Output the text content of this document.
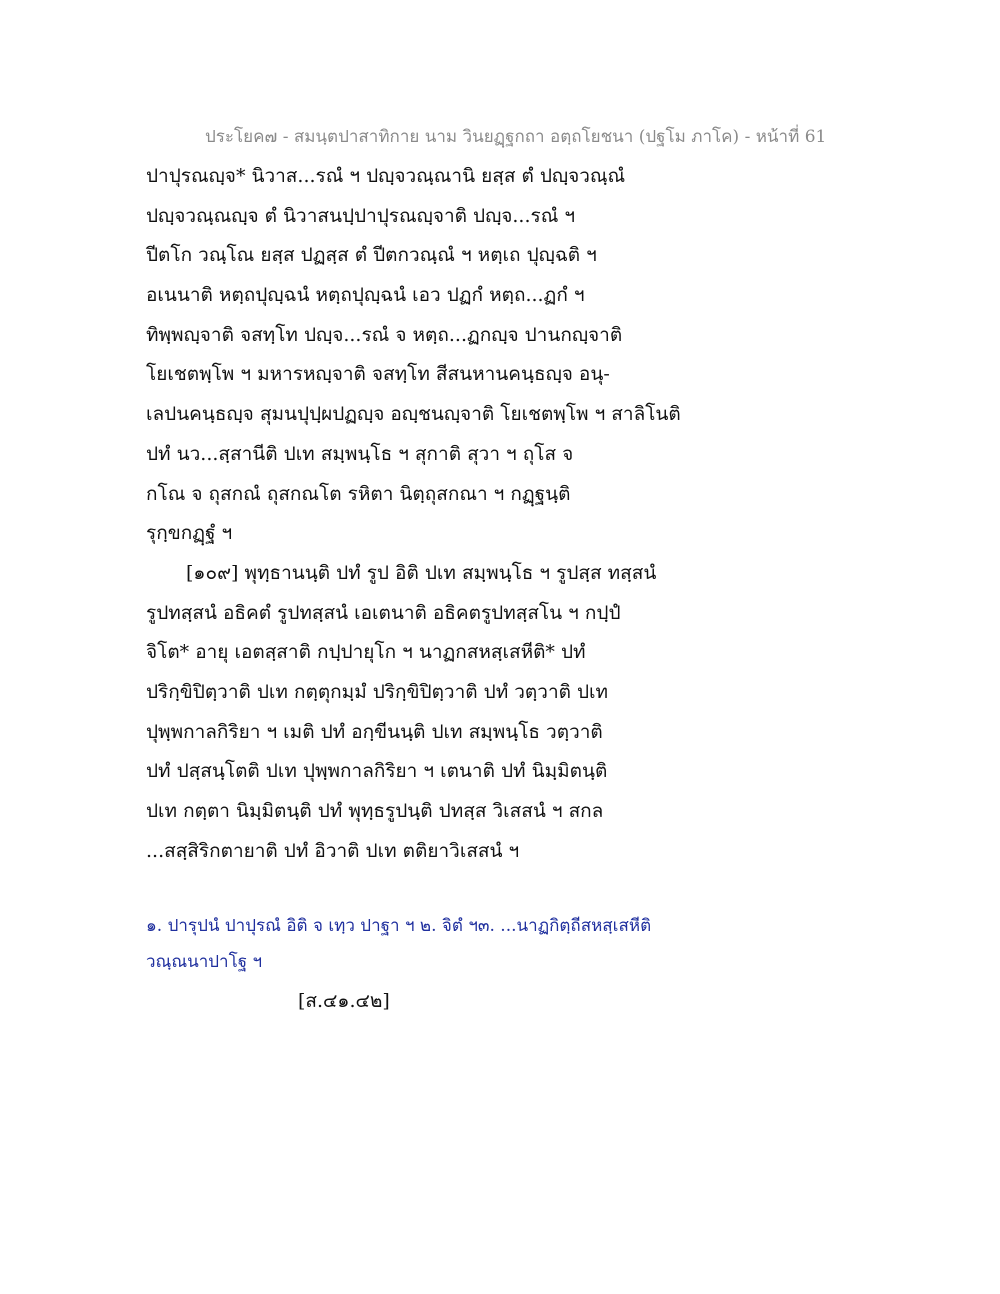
ประโยค๗ - สมนฺตปาสาทิกาย นาม วินยฏฺฐกถา อตฺถโยชนา (ปฐโม ภาโค) - หน้าที่ 61
ปาปุรณญฺจ* นิวาส...รณํ ฯ ปญฺจวณฺณานิ ยสฺส ตํ ปญฺจวณฺณํ
ปญฺจวณฺณญฺจ ตํ นิวาสนปฺปาปุรณญฺจาติ ปญฺจ...รณํ ฯ
ปีตโก วณฺโณ ยสฺส ปฏสฺส ตํ ปีตกวณฺณํ ฯ หตฺเถ ปุญฺฉติ ฯ
อเนนาติ หตฺถปุญฺฉนํ หตฺถปุญฺฉนํ เอว ปฏกํ หตฺถ...ฏกํ ฯ
ทิพฺพญฺจาติ จสทฺโท ปญฺจ...รณํ จ หตฺถ...ฏกญฺจ ปานกญฺจาติ
โยเชตพฺโพ ฯ มหารหญฺจาติ จสทฺโท สีสนหานคนฺธญฺจ อนุ-
เลปนคนฺธญฺจ สุมนปุปฺผปฏญฺจ อญฺชนญฺจาติ โยเชตพฺโพ ฯ สาลิโนติ
ปทํ นว...สฺสานีติ ปเท สมฺพนฺโธ ฯ สุกาติ สุวา ฯ ถุโส จ
กโณ จ ถุสกณํ ถุสกณโต รหิตา นิตฺถุสกณา ฯ กฏฺฐนฺติ
รุกฺขกฏฺฐํ ฯ
[๑๐๙] พุทฺธานนฺติ ปทํ รูป อิติ ปเท สมฺพนฺโธ ฯ รูปสฺส ทสฺสนํ
รูปทสฺสนํ อธิคตํ รูปทสฺสนํ เอเตนาติ อธิคตรูปทสฺสโน ฯ กปฺปํ
จิโต* อายุ เอตสฺสาติ กปฺปายุโก ฯ นาฏกสหสฺเสหีติ* ปทํ
ปริกฺขิปิตฺวาติ ปเท กตฺตุกมฺมํ ปริกฺขิปิตฺวาติ ปทํ วตฺวาติ ปเท
ปุพฺพกาลกิริยา ฯ เมติ ปทํ อกฺขีนนฺติ ปเท สมฺพนฺโธ วตฺวาติ
ปทํ ปสฺสนฺโตติ ปเท ปุพฺพกาลกิริยา ฯ เตนาติ ปทํ นิมฺมิตนฺติ
ปเท กตฺตา นิมฺมิตนฺติ ปทํ พุทฺธรูปนฺติ ปทสฺส วิเสสนํ ฯ สกล
...สสฺสิริกตายาติ ปทํ อิวาติ ปเท ตติยาวิเสสนํ ฯ
๑. ปารุปนํ ปาปุรณํ อิติ จ เทฺว ปาฐา ฯ ๒. จิตํ ฯ๓. ...นาฏกิตฺถีสหสฺเสหีติ
วณฺณนาปาโฐ ฯ
[ส.๔๑.๔๒]
